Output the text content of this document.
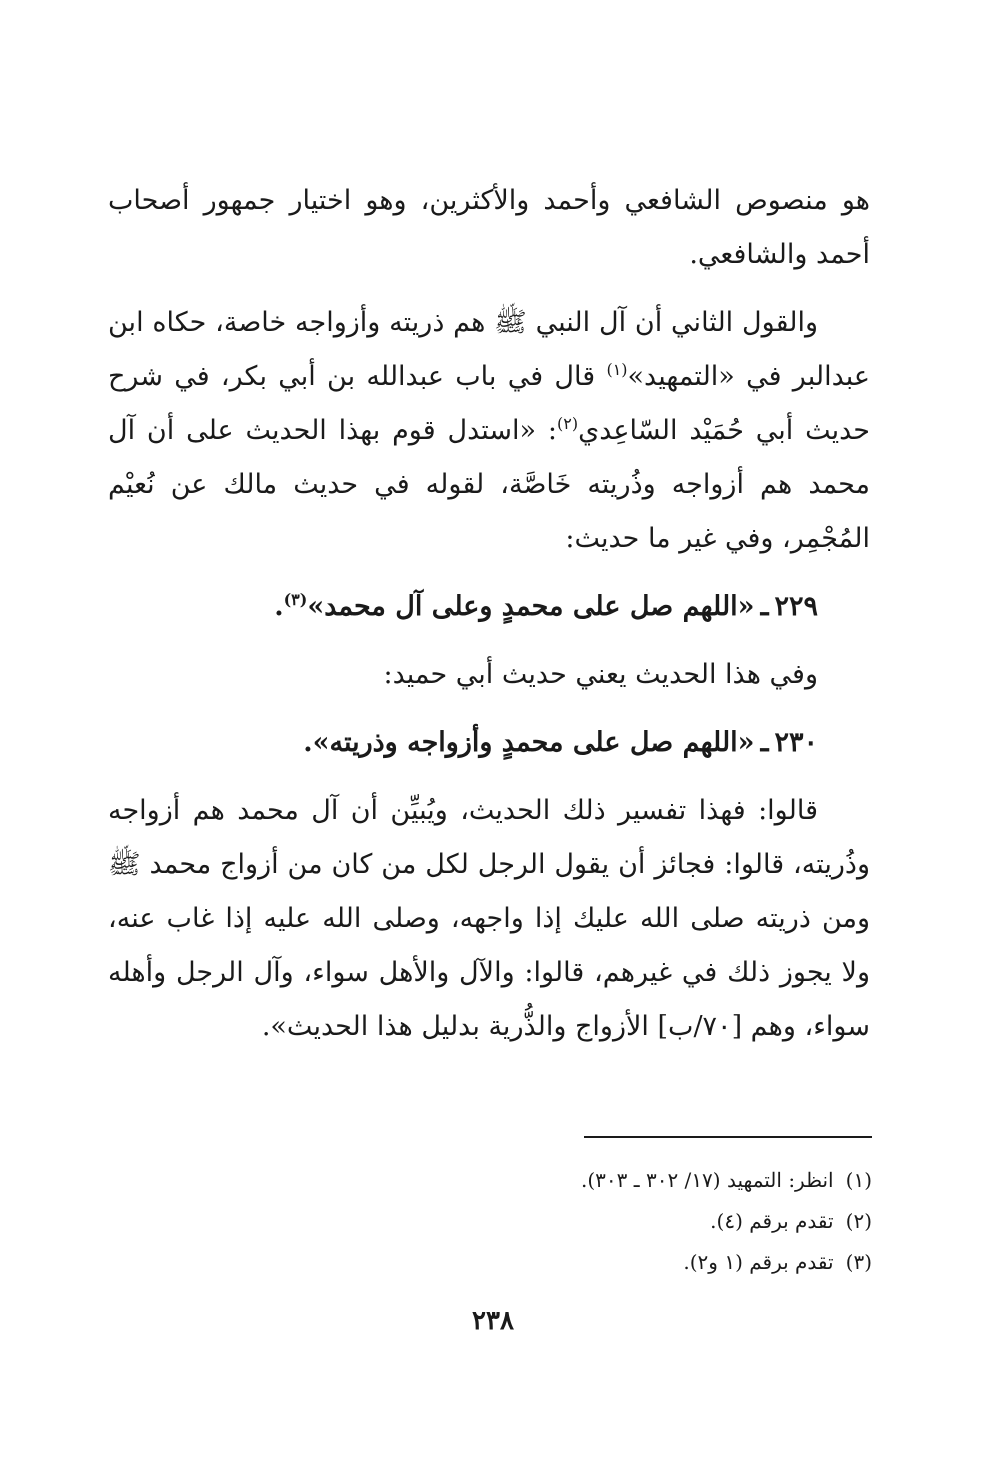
هو منصوص الشافعي وأحمد والأكثرين، وهو اختيار جمهور أصحاب أحمد والشافعي.

والقول الثاني أن آل النبي ﷺ هم ذريته وأزواجه خاصة، حكاه ابن عبدالبر في «التمهيد»$^{(١)}$ قال في باب عبدالله بن أبي بكر، في شرح حديث أبي حُمَيْد السّاعِدي$^{(٢)}$: «استدل قوم بهذا الحديث على أن آل محمد هم أزواجه وذُريته خَاصَّة، لقوله في حديث مالك عن نُعيْم المُجْمِر، وفي غير ما حديث:

٢٢٩ـ«اللهم صل على محمدٍ وعلى آل محمد»$^{(٣)}$.

وفي هذا الحديث يعني حديث أبي حميد:

٢٣٠ـ«اللهم صل على محمدٍ وأزواجه وذريته».

قالوا: فهذا تفسير ذلك الحديث، ويُبيِّن أن آل محمد هم أزواجه وذُريته، قالوا: فجائز أن يقول الرجل لكل من كان من أزواج محمد ﷺ ومن ذريته صلى الله عليك إذا واجهه، وصلى الله عليه إذا غاب عنه، ولا يجوز ذلك في غيرهم، قالوا: والآل والأهل سواء، وآل الرجل وأهله سواء، وهم [٧٠/ب] الأزواج والذُّرية بدليل هذا الحديث».

(١)انظر: التمهيد (١٧/ ٣٠٢ ـ ٣٠٣).

(٢)تقدم برقم (٤).

(٣)تقدم برقم (١ و٢).

٢٣٨
